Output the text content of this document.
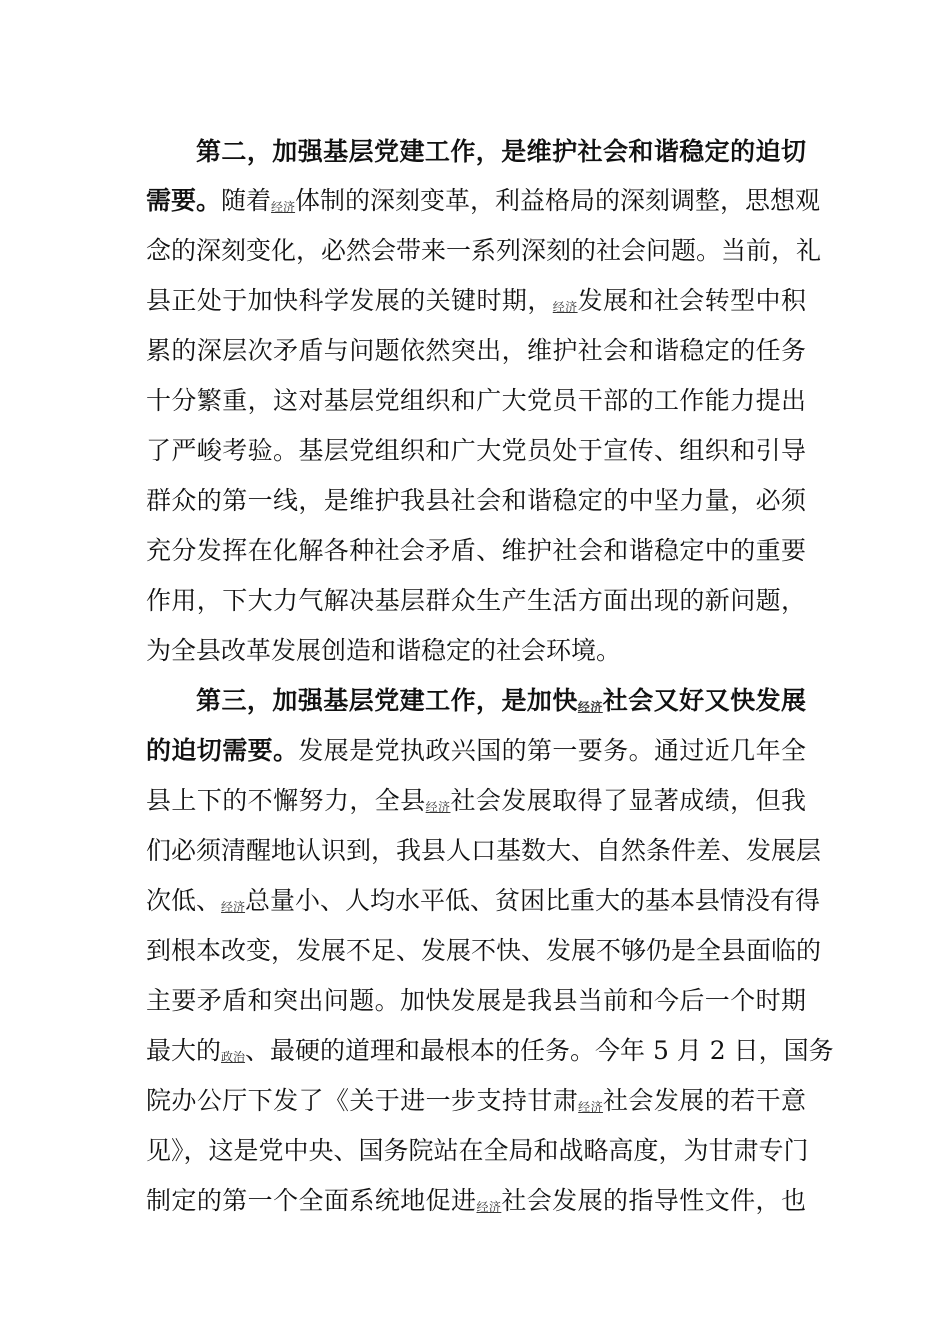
第二，加强基层党建工作，是维护社会和谐稳定的迫切
需要。随着经济体制的深刻变革，利益格局的深刻调整，思想观
念的深刻变化，必然会带来一系列深刻的社会问题。当前，礼
县正处于加快科学发展的关键时期，经济发展和社会转型中积
累的深层次矛盾与问题依然突出，维护社会和谐稳定的任务
十分繁重，这对基层党组织和广大党员干部的工作能力提出
了严峻考验。基层党组织和广大党员处于宣传、组织和引导
群众的第一线，是维护我县社会和谐稳定的中坚力量，必须
充分发挥在化解各种社会矛盾、维护社会和谐稳定中的重要
作用，下大力气解决基层群众生产生活方面出现的新问题，
为全县改革发展创造和谐稳定的社会环境。
第三，加强基层党建工作，是加快经济社会又好又快发展
的迫切需要。发展是党执政兴国的第一要务。通过近几年全
县上下的不懈努力，全县经济社会发展取得了显著成绩，但我
们必须清醒地认识到，我县人口基数大、自然条件差、发展层
次低、经济总量小、人均水平低、贫困比重大的基本县情没有得
到根本改变，发展不足、发展不快、发展不够仍是全县面临的
主要矛盾和突出问题。加快发展是我县当前和今后一个时期
最大的政治、最硬的道理和最根本的任务。今年 5 月 2 日，国务
院办公厅下发了《关于进一步支持甘肃经济社会发展的若干意
见》，这是党中央、国务院站在全局和战略高度，为甘肃专门
制定的第一个全面系统地促进经济社会发展的指导性文件，也
